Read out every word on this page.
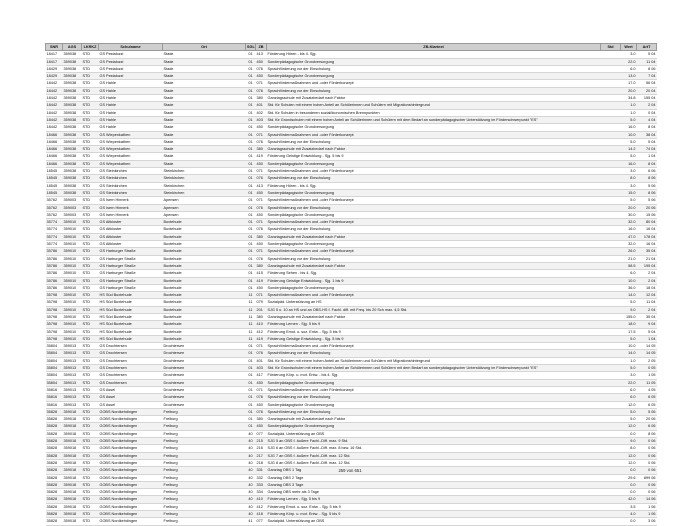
SNR	AGS	LKRKZ	Schulname	Ort	SGL	ZB	ZB-Klartext	Std	Wert	ArtT
18417	359038	STD	GS Pestalozzi	Stade	01	413	Förderung Hören - bis 4. Sjg.		3.0	5 04
18417	359038	STD	GS Pestalozzi	Stade	01	450	Sonderpädagogische Grundversorgung		22.0	11 04
18429	359038	STD	GS Pestalozzi	Stade	01	076	Sprachförderung vor der Einschulung		6.0	8 06
18429	359038	STD	GS Pestalozzi	Stade	01	450	Sonderpädagogische Grundversorgung		13.0	7 04
18442	359038	STD	GS Hahle	Stade	01	071	Sprachfördermaßnahmen und -oder Förderkonzept		17.0	56 04
18442	359038	STD	GS Hahle	Stade	01	076	Sprachförderung vor der Einschulung		20.0	20 04
18442	359038	STD	GS Hahle	Stade	01	380	Ganztagsschule mit Zusatzbedarf nach Faktor		34.8	155 04
18442	359038	STD	GS Hahle	Stade	01	401	Std. für Schulen mit einem hohen Anteil an Schülerinnen und Schülern mit Migrationshintergrund		1.0	2 04
18442	359038	STD	GS Hahle	Stade	01	402	Std. für Schulen in besonderen sozialökonomischen Brennpunkten		1.0	0 04
18442	359038	STD	GS Hahle	Stade	01	403	Std. für Grundschulen mit einem hohen Anteil an Schülerinnen und Schülern mit dem Bedarf an sonderpädagogischer Unterstützung im Förderschwerpunkt "ES"		5.0	4 04
18442	359038	STD	GS Hahle	Stade	01	450	Sonderpädagogische Grundversorgung		16.0	8 04
18466	359038	STD	GS Wiepenkathen	Stade	01	071	Sprachfördermaßnahmen und -oder Förderkonzept		10.0	38 04
18466	359038	STD	GS Wiepenkathen	Stade	01	076	Sprachförderung vor der Einschulung		5.0	5 04
18466	359038	STD	GS Wiepenkathen	Stade	01	380	Ganztagsschule mit Zusatzbedarf nach Faktor		14.2	74 04
18466	359038	STD	GS Wiepenkathen	Stade	01	419	Förderung Geistige Entwicklung - Sjg. 5 bis 9		5.0	1 04
18466	359038	STD	GS Wiepenkathen	Stade	01	450	Sonderpädagogische Grundversorgung		16.0	8 04
18545	359038	STD	GS Steinkirchen	Steinkirchen	01	071	Sprachfördermaßnahmen und -oder Förderkonzept		3.0	6 06
18545	359038	STD	GS Steinkirchen	Steinkirchen	01	076	Sprachförderung vor der Einschulung		8.0	8 06
18545	359038	STD	GS Steinkirchen	Steinkirchen	01	413	Förderung Hören - bis 4. Sjg.		3.0	5 06
18545	359038	STD	GS Steinkirchen	Steinkirchen	01	450	Sonderpädagogische Grundversorgung		15.0	8 06
35762	359003	STD	GS Isern Hinnerk	Apensen	01	071	Sprachfördermaßnahmen und -oder Förderkonzept		5.0	5 06
35762	359003	STD	GS Isern Hinnerk	Apensen	01	076	Sprachförderung vor der Einschulung		20.0	20 06
35762	359003	STD	GS Isern Hinnerk	Apensen	01	450	Sonderpädagogische Grundversorgung		30.0	15 06
35774	359010	STD	GS Altkloster	Buxtehude	01	071	Sprachfördermaßnahmen und -oder Förderkonzept		32.0	80 04
35774	359010	STD	GS Altkloster	Buxtehude	01	076	Sprachförderung vor der Einschulung		16.0	16 04
35774	359010	STD	GS Altkloster	Buxtehude	01	380	Ganztagsschule mit Zusatzbedarf nach Faktor		47.0	178 04
35774	359010	STD	GS Altkloster	Buxtehude	01	450	Sonderpädagogische Grundversorgung		32.0	16 04
35786	359010	STD	GS Harburger Straße	Buxtehude	01	071	Sprachfördermaßnahmen und -oder Förderkonzept		26.0	35 04
35786	359010	STD	GS Harburger Straße	Buxtehude	01	076	Sprachförderung vor der Einschulung		21.0	21 04
35786	359010	STD	GS Harburger Straße	Buxtehude	01	380	Ganztagsschule mit Zusatzbedarf nach Faktor		58.5	195 04
35786	359010	STD	GS Harburger Straße	Buxtehude	01	415	Förderung Sehen - bis 4. Sjg.		6.0	2 04
35786	359010	STD	GS Harburger Straße	Buxtehude	01	419	Förderung Geistige Entwicklung - Sjg. 1 bis 9		10.0	2 04
35786	359010	STD	GS Harburger Straße	Buxtehude	01	450	Sonderpädagogische Grundversorgung		36.0	18 04
35798	359010	STD	HS Süd Buxtehude	Buxtehude	11	071	Sprachfördermaßnahmen und -oder Förderkonzept		14.0	12 04
35798	359010	STD	HS Süd Buxtehude	Buxtehude	11	079	Sozialpäd. Unterstützung an HS		5.0	11 04
35798	359010	STD	HS Süd Buxtehude	Buxtehude	11	201	SJG 5 u. 10 an HS und an OBS-HS f. Fachl. diff. mit Freq. bis 20 Sch max. 4,5 Std.		9.0	2 04
35798	359010	STD	HS Süd Buxtehude	Buxtehude	11	380	Ganztagsschule mit Zusatzbedarf nach Faktor		155.0	35 04
35798	359010	STD	HS Süd Buxtehude	Buxtehude	11	410	Förderung Lernen - Sjg. 5 bis 9		18.0	9 04
35798	359010	STD	HS Süd Buxtehude	Buxtehude	11	412	Förderung Emot. u. soz. Entw. - Sjg. 5 bis 9		17.5	5 04
35798	359010	STD	HS Süd Buxtehude	Buxtehude	11	419	Förderung Geistige Entwicklung - Sjg. 5 bis 9		5.0	1 04
35804	359013	STD	GS Drochtersen	Drochtersen	01	071	Sprachfördermaßnahmen und -oder Förderkonzept		10.0	14 05
35804	359013	STD	GS Drochtersen	Drochtersen	01	076	Sprachförderung vor der Einschulung		14.0	14 05
35804	359013	STD	GS Drochtersen	Drochtersen	01	401	Std. für Schulen mit einem hohen Anteil an Schülerinnen und Schülern mit Migrationshintergrund		1.0	2 05
35804	359013	STD	GS Drochtersen	Drochtersen	01	403	Std. für Grundschulen mit einem hohen Anteil an Schülerinnen und Schülern mit dem Bedarf an sonderpädagogischer Unterstützung im Förderschwerpunkt "ES"		5.0	0 05
35804	359013	STD	GS Drochtersen	Drochtersen	01	417	Förderung Körp. u. mot. Entw. - bis 4. Sjg.		3.0	1 05
35804	359013	STD	GS Drochtersen	Drochtersen	01	450	Sonderpädagogische Grundversorgung		22.0	11 05
35816	359013	STD	GS Assel	Drochtersen	01	071	Sprachfördermaßnahmen und -oder Förderkonzept		6.0	4 05
35816	359013	STD	GS Assel	Drochtersen	01	076	Sprachförderung vor der Einschulung		6.0	6 05
35816	359013	STD	GS Assel	Drochtersen	01	450	Sonderpädagogische Grundversorgung		12.0	6 05
35828	359018	STD	GOBS Nordkehdingen	Freiburg	01	076	Sprachförderung vor der Einschulung		5.0	5 06
35828	359018	STD	GOBS Nordkehdingen	Freiburg	01	380	Ganztagsschule mit Zusatzbedarf nach Faktor		5.0	20 06
35828	359018	STD	GOBS Nordkehdingen	Freiburg	01	450	Sonderpädagogische Grundversorgung		12.0	6 06
35828	359018	STD	GOBS Nordkehdingen	Freiburg	40	077	Sozialpäd. Unterstützung an OBS		0.0	8 06
35828	359018	STD	GOBS Nordkehdingen	Freiburg	40	215	SJG 5 an OBS f. äußere Fachl.-Diff. max. 9 Std.		9.0	0 06
35828	359018	STD	GOBS Nordkehdingen	Freiburg	40	216	SJG 6 an OBS f. äußere Fachl.-Diff. max. 8 bzw. 16 Std.		8.0	0 06
35828	359018	STD	GOBS Nordkehdingen	Freiburg	40	217	SJG 7 an OBS f. äußere Fachl.-Diff. max. 12 Std.		12.0	0 06
35828	359018	STD	GOBS Nordkehdingen	Freiburg	40	218	SJG 8 an OBS f. äußere Fachl.-Diff. max. 12 Std.		12.0	0 06
35828	359018	STD	GOBS Nordkehdingen	Freiburg	40	331	Ganztag OBS 1 Tag		0.0	0 06
35828	359018	STD	GOBS Nordkehdingen	Freiburg	40	332	Ganztag OBS 2 Tage		29.6	899 06
35828	359018	STD	GOBS Nordkehdingen	Freiburg	40	333	Ganztag OBS 3 Tage		0.0	0 06
35828	359018	STD	GOBS Nordkehdingen	Freiburg	40	334	Ganztag OBS mehr als 3 Tage		0.0	0 06
35828	359018	STD	GOBS Nordkehdingen	Freiburg	40	410	Förderung Lernen - Sjg. 5 bis 9		42.0	14 06
35828	359018	STD	GOBS Nordkehdingen	Freiburg	40	412	Förderung Emot. u. soz. Entw. - Sjg. 5 bis 9		3.5	1 06
35828	359018	STD	GOBS Nordkehdingen	Freiburg	40	418	Förderung Körp. u. mot. Entw. - Sjg. 5 bis 9		4.0	1 06
35828	359018	STD	GOBS Nordkehdingen	Freiburg	41	077	Sozialpäd. Unterstützung an OBS		0.0	3 06
259 von 651
